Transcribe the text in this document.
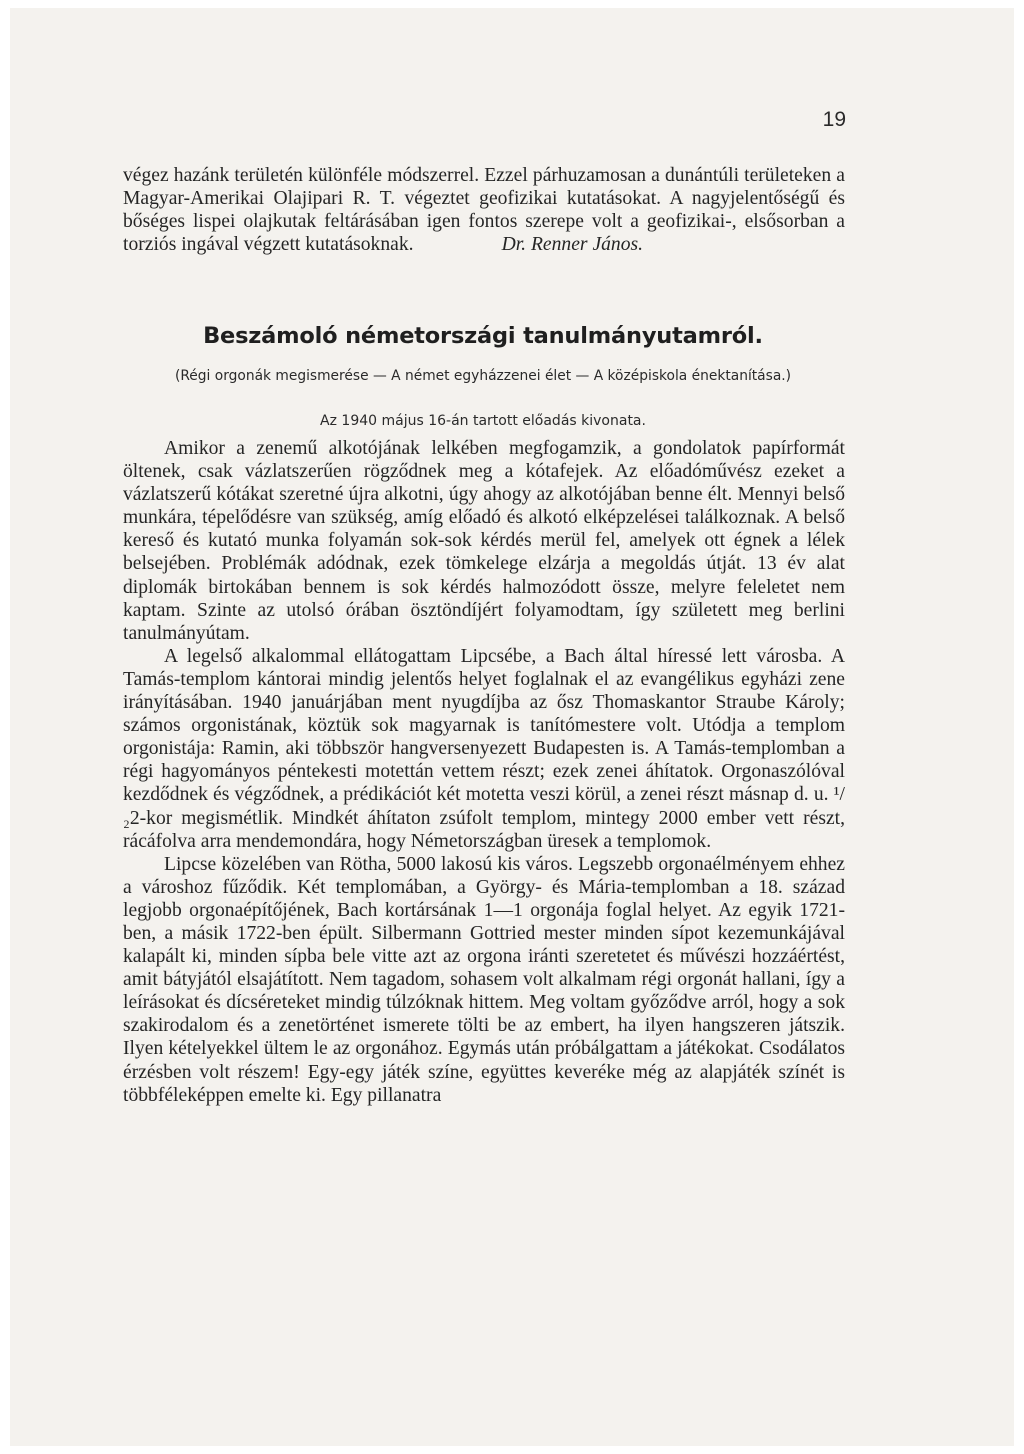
19

végez hazánk területén különféle módszerrel. Ezzel párhuzamosan a dunántúli területeken a Magyar-Amerikai Olajipari R. T. végeztet geofizikai kutatásokat. A nagyjelentőségű és bőséges lispei olajkutak feltárásában igen fontos szerepe volt a geofizikai-, elsősorban a torziós ingával végzett kutatásoknak.	Dr. Renner János.

Beszámoló németországi tanulmányutamról.

(Régi orgonák megismerése — A német egyházzenei élet — A középiskola énektanítása.)

Az 1940 május 16-án tartott előadás kivonata.

Amikor a zenemű alkotójának lelkében megfogamzik, a gondolatok papírformát öltenek, csak vázlatszerűen rögződnek meg a kótafejek. Az előadóművész ezeket a vázlatszerű kótákat szeretné újra alkotni, úgy ahogy az alkotójában benne élt. Mennyi belső munkára, tépelődésre van szükség, amíg előadó és alkotó elképzelései találkoznak. A belső kereső és kutató munka folyamán sok-sok kérdés merül fel, amelyek ott égnek a lélek belsejében. Problémák adódnak, ezek tömkelege elzárja a megoldás útját. 13 év alat diplomák birtokában bennem is sok kérdés halmozódott össze, melyre feleletet nem kaptam. Szinte az utolsó órában ösztöndíjért folyamodtam, így született meg berlini tanulmányútam.

A legelső alkalommal ellátogattam Lipcsébe, a Bach által híressé lett városba. A Tamás-templom kántorai mindig jelentős helyet foglalnak el az evangélikus egyházi zene irányításában. 1940 januárjában ment nyugdíjba az ősz Thomaskantor Straube Károly; számos orgonistának, köztük sok magyarnak is tanítómestere volt. Utódja a templom orgonistája: Ramin, aki többször hangversenyezett Budapesten is. A Tamás-templomban a régi hagyományos péntekesti motettán vettem részt; ezek zenei áhítatok. Orgonaszólóval kezdődnek és végződnek, a prédikációt két motetta veszi körül, a zenei részt másnap d. u. ¹/₂2-kor megismétlik. Mindkét áhítaton zsúfolt templom, mintegy 2000 ember vett részt, rácáfolva arra mendemondára, hogy Németországban üresek a templomok.

Lipcse közelében van Rötha, 5000 lakosú kis város. Legszebb orgonaélményem ehhez a városhoz fűződik. Két templomában, a György- és Mária-templomban a 18. század legjobb orgonaépítőjének, Bach kortársának 1—1 orgonája foglal helyet. Az egyik 1721-ben, a másik 1722-ben épült. Silbermann Gottried mester minden sípot kezemunkájával kalapált ki, minden sípba bele vitte azt az orgona iránti szeretetet és művészi hozzáértést, amit bátyjától elsajátított. Nem tagadom, sohasem volt alkalmam régi orgonát hallani, így a leírásokat és dícséreteket mindig túlzóknak hittem. Meg voltam győződve arról, hogy a sok szakirodalom és a zenetörténet ismerete tölti be az embert, ha ilyen hangszeren játszik. Ilyen kételyekkel ültem le az orgonához. Egymás után próbálgattam a játékokat. Csodálatos érzésben volt részem! Egy-egy játék színe, együttes keveréke még az alapjáték színét is többféleképpen emelte ki. Egy pillanatra
